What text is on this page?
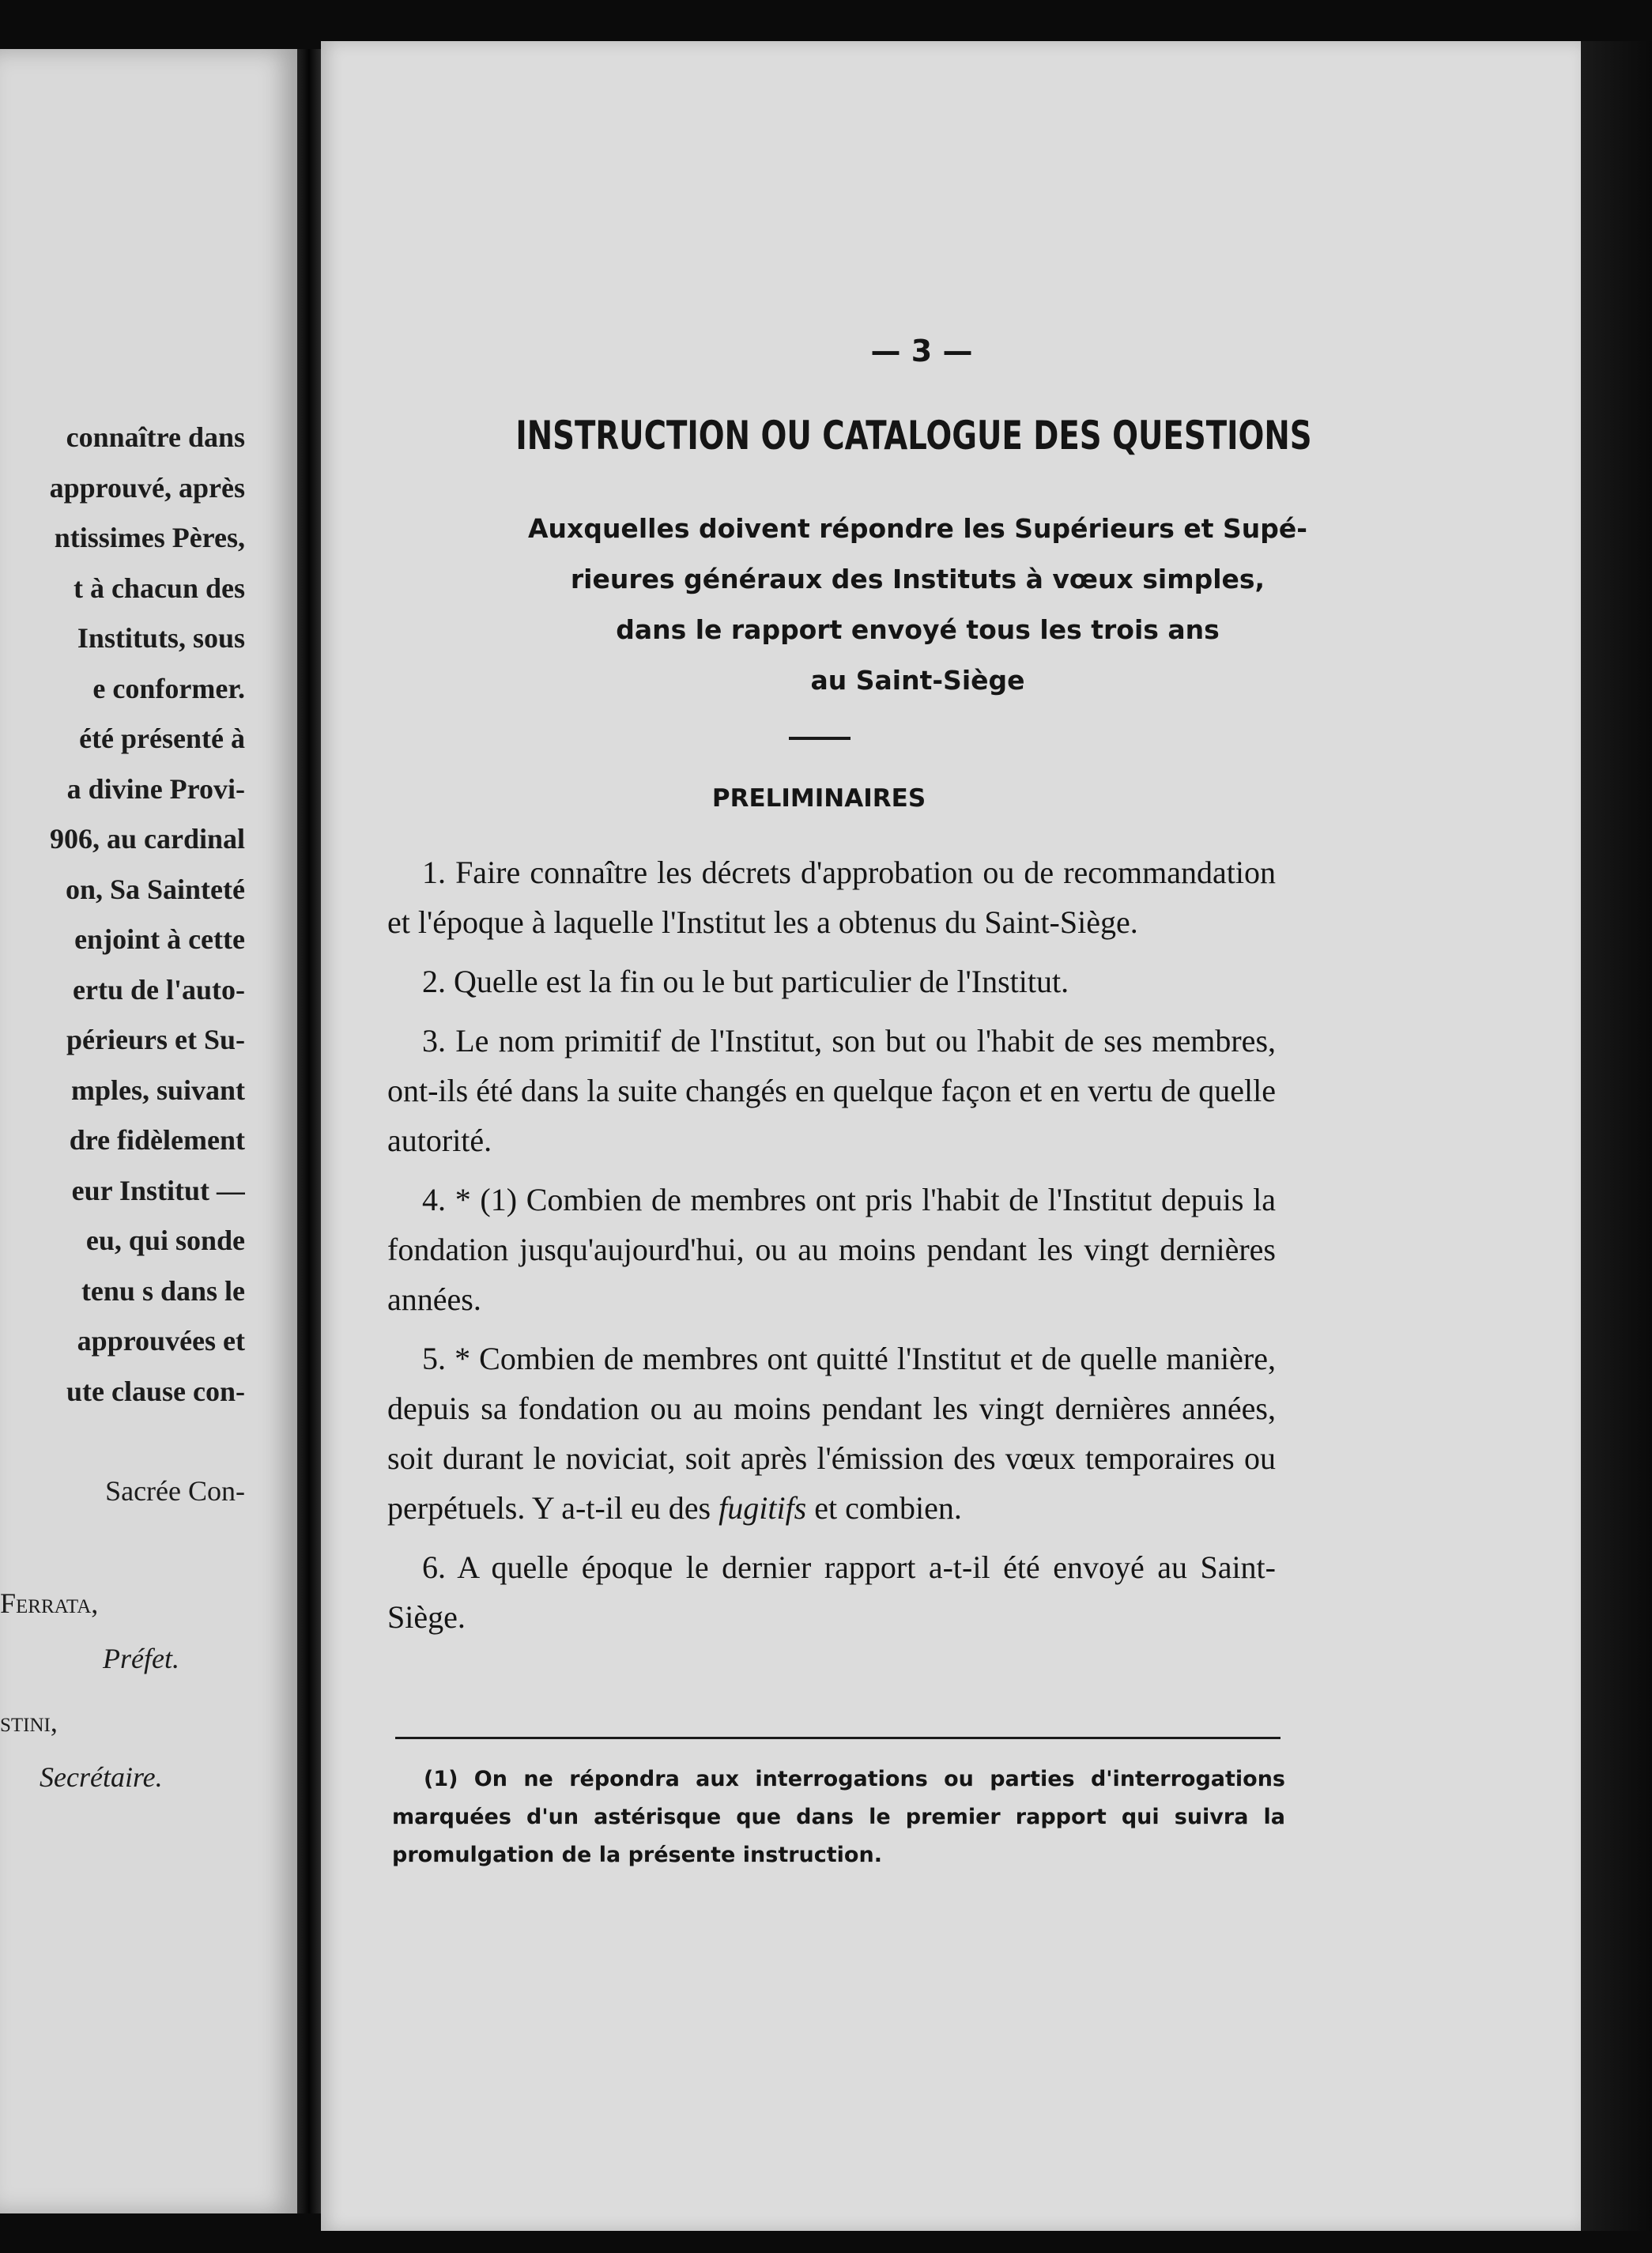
connaître dans
approuvé, après
ntissimes Pères,
t à chacun des
Instituts, sous
e conformer.
été présenté à
a divine Provi-
906, au cardinal
on, Sa Sainteté
enjoint à cette
ertu de l'auto-
périeurs et Su-
mples, suivant
dre fidèlement
eur Institut —
eu, qui sonde
tenu s dans le
approuvées et
ute clause con-
Sacrée Con-
Ferrata,
Préfet.
stini,
Secrétaire.
— 3 —
INSTRUCTION OU CATALOGUE DES QUESTIONS
Auxquelles doivent répondre les Supérieurs et Supé-
rieures généraux des Instituts à vœux simples,
dans le rapport envoyé tous les trois ans
au Saint-Siège
PRELIMINAIRES

1. Faire connaître les décrets d'approbation ou de recommandation et l'époque à laquelle l'Institut les a obtenus du Saint-Siège.

2. Quelle est la fin ou le but particulier de l'Institut.

3. Le nom primitif de l'Institut, son but ou l'habit de ses membres, ont-ils été dans la suite changés en quelque façon et en vertu de quelle autorité.

4. * (1) Combien de membres ont pris l'habit de l'Institut depuis la fondation jusqu'aujourd'hui, ou au moins pendant les vingt dernières années.

5. * Combien de membres ont quitté l'Institut et de quelle manière, depuis sa fondation ou au moins pendant les vingt dernières années, soit durant le noviciat, soit après l'émission des vœux temporaires ou perpétuels. Y a-t-il eu des fugitifs et combien.

6. A quelle époque le dernier rapport a-t-il été envoyé au Saint-Siège.

(1) On ne répondra aux interrogations ou parties d'interrogations marquées d'un astérisque que dans le premier rapport qui suivra la promulgation de la présente instruction.
